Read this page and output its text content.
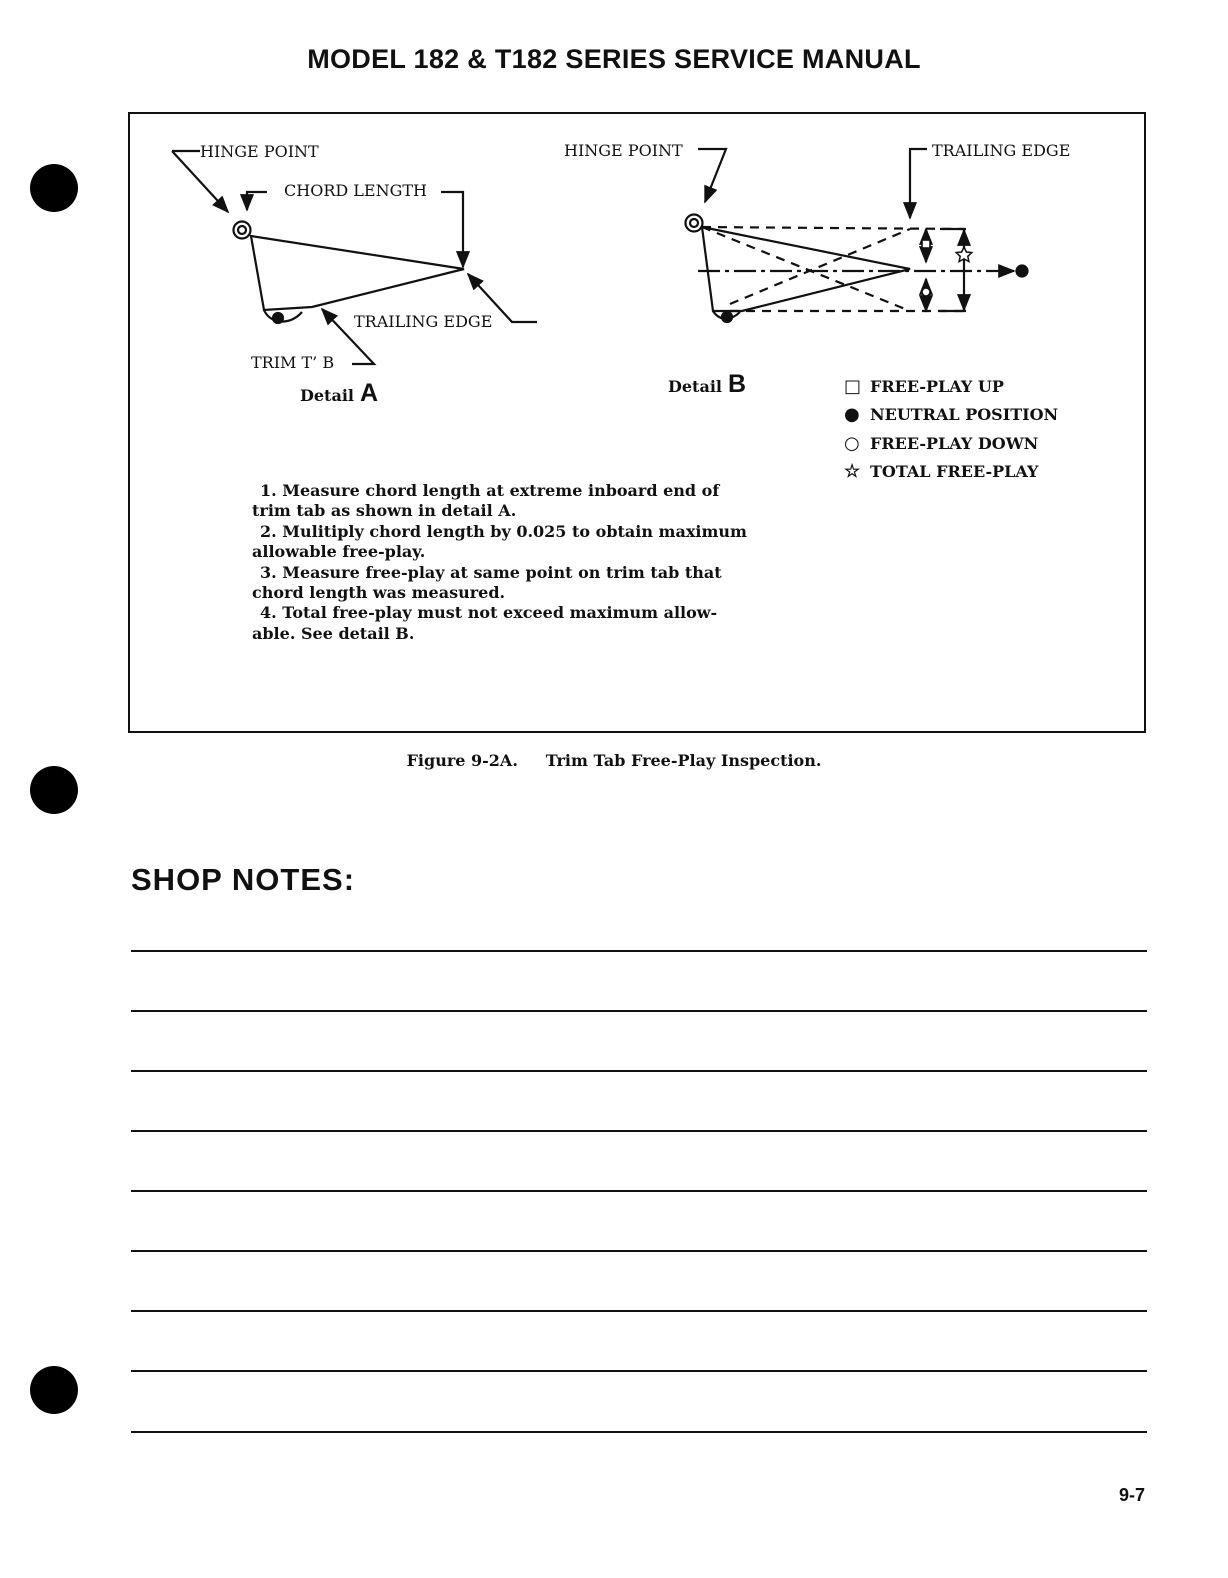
MODEL 182 & T182 SERIES SERVICE MANUAL
HINGE POINT
CHORD LENGTH
TRAILING EDGE
TRIM T’ B
Detail A
HINGE POINT	TRAILING EDGE
Detail B	□ FREE-PLAY UP
● NEUTRAL POSITION
○ FREE-PLAY DOWN
☆ TOTAL FREE-PLAY
1. Measure chord length at extreme inboard end of
trim tab as shown in detail A.
2. Mulitiply chord length by 0.025 to obtain maximum
allowable free-play.
3. Measure free-play at same point on trim tab that
chord length was measured.
4. Total free-play must not exceed maximum allow-
able. See detail B.
Figure 9-2A.     Trim Tab Free-Play Inspection.
SHOP NOTES:
9-7
